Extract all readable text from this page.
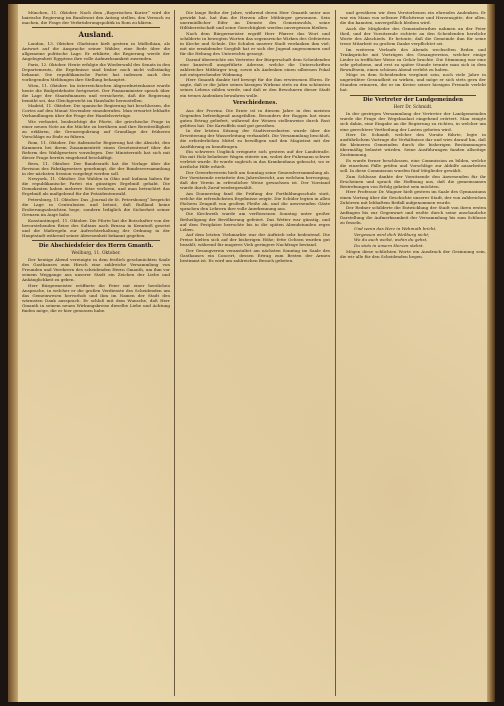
München, 11. Oktober. Nach dem „Bayerischen Kurier“ wird die bairische Regierung im Bundesrat den Antrag stellen, den Versuch zu machen, die Frage der Verbrüderungspolitik in Rom zu klären.

Ausland.

London, 13. Oktober. Gladstone hielt gestern in Midlothian, als Antwort auf die Ansprache seiner Wähler, eine Rede über die allgemeine politische Lage. Er erklärte, die Regierung werde der Angelegenheit Egyptens ihre volle Aufmerksamkeit zuwenden.

Paris, 12. Oktober. Heute erfolgte die Wiederwahl des Senats in den Departements, die Ergebnisse sind bisher noch nicht vollständig bekannt. Die republikanische Partei hat indessen nach den vorliegenden Meldungen ihre Stellung behauptet.

Wien, 11. Oktober. Im österreichischen Abgeordnetenhause wurde heute die Budgetdebatte fortgesetzt. Der Finanzminister sprach über die Lage der Staatsfinanzen und versicherte, daß die Regierung bemüht sei, das Gleichgewicht im Haushalte herzustellen.

Madrid, 11. Oktober. Die spanische Regierung hat beschlossen, die Cortes auf den Monat November einzuberufen. Man erwartet lebhafte Verhandlungen über die Frage der Handelsverträge.

Wie verlautet, beabsichtigt die Pforte, die griechische Frage in einer neuen Note an die Mächte zu berühren und ihre Bereitwilligkeit zu erklären, die Grenzregulirung auf Grundlage der früheren Vorschläge zu Ende zu führen.

Rom, 11. Oktober. Die italienische Regierung hat die Absicht, den Kammern bei ihrem Zusammentritt einen Gesetzentwurf über die Reform des Wahlgesetzes vorzulegen. Der Ministerrath hat sich mit dieser Frage bereits eingehend beschäftigt.

Bern, 11. Oktober. Der Bundesrath hat die Vorlage über die Revision des Fabrikgesetzes genehmigt, die der Bundesversammlung in der nächsten Session vorgelegt werden soll.

Newyork, 11. Oktober. Die Wahlen in Ohio und Indiana haben für die republikanische Partei ein günstiges Ergebniß gehabt. Die Demokraten haben mehrere Sitze verloren, und man betrachtet das Ergebniß als maßgebend für die Präsidentenwahl.

Petersburg, 11. Oktober. Das „Journal de St. Petersbourg“ bespricht die Lage in Centralasien und betont, daß Rußland keine Eroberungsabsichten hege, sondern lediglich die Sicherheit seiner Grenzen im Auge habe.

Konstantinopel, 11. Oktober. Die Pforte hat die Botschafter von der bevorstehenden Reise des Sultans nach Brussa in Kenntniß gesetzt und die Maßregeln zur Aufrechterhaltung der Ordnung in der Hauptstadt während seiner Abwesenheit bekannt gegeben.

Die Abschiedsfeier des Herrn Gmanth.
Weilburg, 11. Oktober.

Der heutige Abend vereinigte in dem festlich geschmückten Saale des Gasthauses zum Hirsch eine zahlreiche Versammlung von Freunden und Verehrern des scheidenden Herrn Gmanth, um ihm vor seinem Weggange aus unserer Stadt ein Zeichen der Liebe und Anhänglichkeit zu geben.

Herr Bürgermeister eröffnete die Feier mit einer herzlichen Ansprache, in welcher er die großen Verdienste des Scheidenden um das Gemeinwesen hervorhob und ihm im Namen der Stadt den wärmsten Dank aussprach. Er schloß mit dem Wunsche, daß Herr Gmanth in seinem neuen Wirkungskreise dieselbe Liebe und Achtung finden möge, die er hier genossen habe.

Die lange Reihe der Jahre, während deren Herr Gmanth unter uns gewirkt hat, hat ihm die Herzen aller Mitbürger gewonnen. Sein unermüdlicher Eifer im Dienste des Gemeinwohls, seine Hilfsbereitschaft und seine Gerechtigkeit werden unvergessen bleiben.

Nach dem Bürgermeister ergriff Herr Pfarrer das Wort und schilderte in bewegten Worten das segensreiche Wirken des Gefeierten in Kirche und Schule. Die Schulen unserer Stadt verdanken ihm viel; mit nie ermüdender Sorgfalt hat er sich der Jugend angenommen und für die Hebung des Unterrichts gesorgt.

Darauf überreichte ein Vertreter der Bürgerschaft dem Scheidenden eine kunstvoll ausgeführte Adresse, welche die Unterschriften zahlreicher Mitbürger trug, sowie als Andenken einen silbernen Pokal mit entsprechender Widmung.

Herr Gmanth dankte tief bewegt für die ihm erwiesenen Ehren. Er sagte, daß er die Jahre seines hiesigen Wirkens stets zu den schönsten seines Lebens zählen werde, und daß er den Bewohnern dieser Stadt ein treues Andenken bewahren wolle.

Verschiedenes.

Aus der Provinz. Die Ernte ist in diesem Jahre in den meisten Gegenden befriedigend ausgefallen. Besonders der Roggen hat einen guten Ertrag geliefert, während der Weizen stellenweise durch Rost gelitten hat. Die Kartoffeln sind gut gerathen.

In der letzten Sitzung der Stadtverordneten wurde über die Erweiterung der Wasserleitung verhandelt. Die Versammlung beschloß, die erforderlichen Mittel zu bewilligen und den Magistrat mit der Ausführung zu beauftragen.

Ein schweres Unglück ereignete sich gestern auf der Landstraße. Ein mit Holz beladener Wagen stürzte um, wobei der Fuhrmann schwer verletzt wurde. Er wurde sogleich in das Krankenhaus gebracht, wo er ärztliche Hilfe erhielt.

Der Gewerbeverein hielt am Sonntag seine Generalversammlung ab. Der Vorsitzende erstattete den Jahresbericht, aus welchem hervorging, daß der Verein in erfreulicher Weise gewachsen ist. Der Vorstand wurde durch Zuruf wiedergewählt.

Am Donnerstag fand die Prüfung der Fortbildungsschule statt, welche die erfreulichsten Ergebnisse zeigte. Die Schüler legten in allen Fächern Zeugniß von großem Fleiße ab, und die anwesenden Gäste sprachen den Lehrern ihre volle Anerkennung aus.

Die Kirchweih wurde am verflossenen Sonntag unter großer Betheiligung der Bevölkerung gefeiert. Das Wetter war günstig, und auf dem Festplatze herrschte bis in die späten Abendstunden reges Leben.

Auf dem letzten Viehmarkte war der Auftrieb sehr bedeutend. Die Preise hielten sich auf der bisherigen Höhe; fette Ochsen wurden gut bezahlt, während für mageres Vieh geringere Nachfrage bestand.

Der Gesangverein veranstaltet am nächsten Sonntag im Saale des Gasthauses ein Concert, dessen Ertrag zum Besten der Armen bestimmt ist. Es wird um zahlreichen Besuch gebeten.

und gewähren wir dem Verstorbenen ein ehrendes Andenken. Er war ein Mann von seltener Pflichttreue und Herzensgüte, der allen, die ihn kannten, unvergeßlich bleiben wird.

Auch die Mitglieder des Gemeinderathes nahmen an der Feier theil, und der Vorsitzende richtete an den Scheidenden herzliche Worte des Abschieds. Er betonte, daß die Gemeinde ihm für seine treue Mitarbeit zu großem Danke verpflichtet sei.

Im weiteren Verlaufe des Abends wechselten Reden und Trinksprüche mit Vorträgen des Gesangvereins, welcher einige Lieder in trefflicher Weise zu Gehör brachte. Die Stimmung war eine sehr gehobene, und erst zu später Stunde trennte man sich in dem Bewußtsein, einen schönen Abend verlebt zu haben.

Möge es dem Scheidenden vergönnt sein, noch viele Jahre in ungetrübter Gesundheit zu wirken, und möge er sich stets gern der Stunden erinnern, die er im Kreise seiner hiesigen Freunde verlebt hat.

Die Vertreter der Landgemeinden
Herr Dr. Schmidt.

In der gestrigen Versammlung der Vertreter der Landgemeinden wurde die Frage der Wegebaulast eingehend erörtert. Man einigte sich dahin, eine Eingabe an die Regierung zu richten, in welcher um eine gerechtere Vertheilung der Lasten gebeten wird.

Herr Dr. Schmidt, welcher den Vorsitz führte, legte in ausführlichem Vortrage die Verhältnisse dar und wies darauf hin, daß die kleineren Gemeinden durch die bisherigen Bestimmungen übermäßig belastet würden. Seine Ausführungen fanden allseitige Zustimmung.

Es wurde ferner beschlossen, eine Commission zu bilden, welche die einzelnen Fälle prüfen und Vorschläge zur Abhilfe ausarbeiten soll. In diese Commission wurden fünf Mitglieder gewählt.

Zum Schlusse dankte der Vorsitzende den Anwesenden für ihr Erscheinen und sprach die Hoffnung aus, daß die gemeinsamen Bestrebungen von Erfolg gekrönt sein möchten.

Herr Professor Dr. Wagner hielt gestern im Saale des Gymnasiums einen Vortrag über die Geschichte unserer Stadt, der von zahlreichen Zuhörern mit lebhaftem Beifall aufgenommen wurde.

Der Redner schilderte die Entwicklung der Stadt von ihren ersten Anfängen bis zur Gegenwart und wußte durch seine anschauliche Darstellung die Aufmerksamkeit der Versammlung bis zum Schlusse zu fesseln.

Und wenn das Herz in Wehmuth bricht,

Vergessen wird dich Weilburg nicht;

Wo du auch weilst, wohin du gehst,

Du stets in unsern Herzen stehst.

Mögen diese schlichten Worte ein Ausdruck der Gesinnung sein, die wir alle für den Scheidenden hegen.
